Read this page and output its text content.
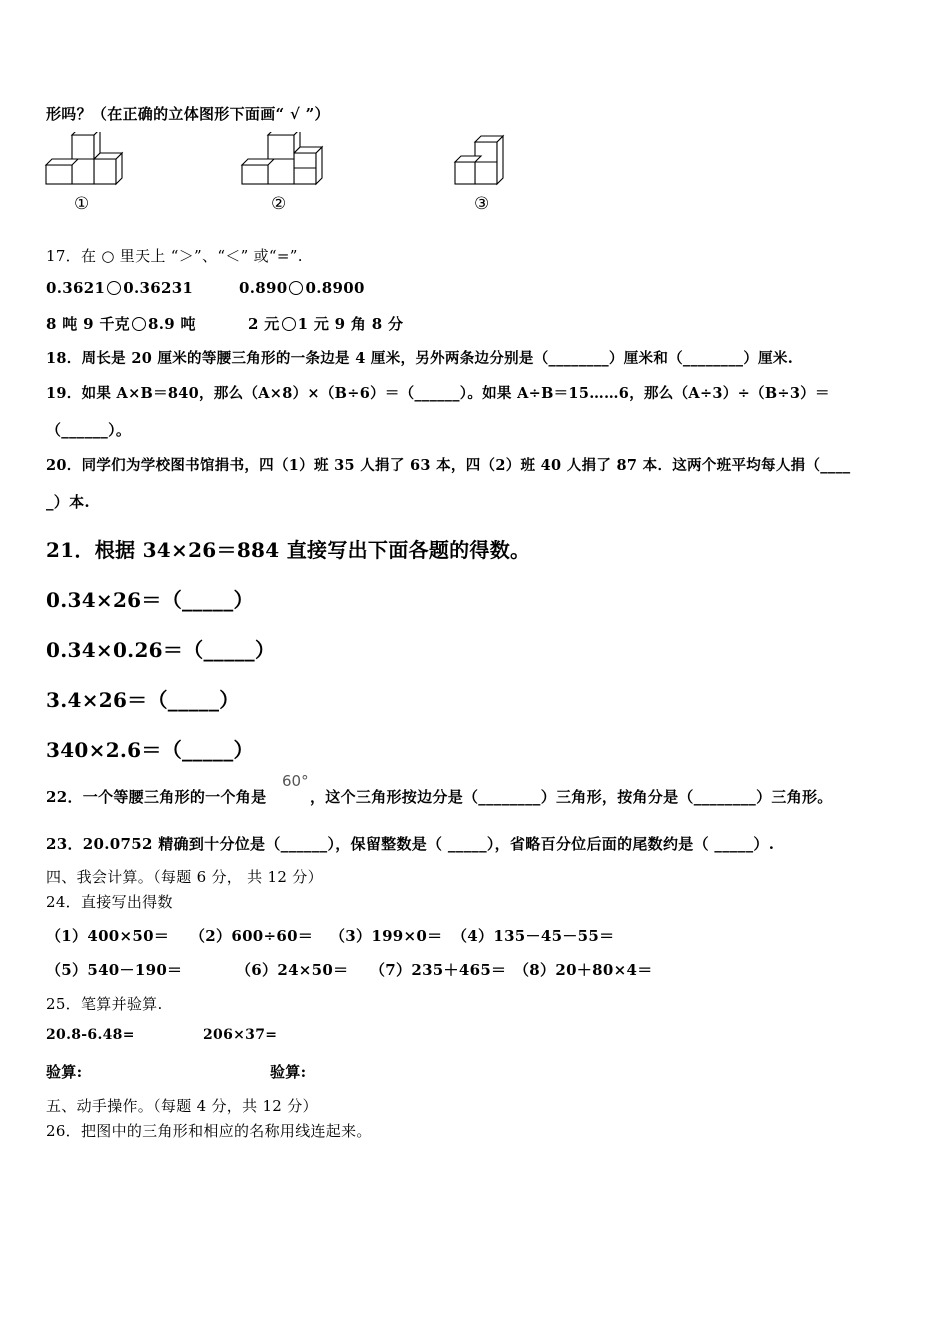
形吗？（在正确的立体图形下面画“ √ ”）
①	②	③
17．在 ○ 里天上 “＞”、“＜” 或“=”.
0.3621 0.36231	0.890 0.8900
8 吨 9 千克 8.9 吨	2 元 1 元 9 角 8 分
18．周长是 20 厘米的等腰三角形的一条边是 4 厘米，另外两条边分别是（________）厘米和（________）厘米.
19．如果 A×B＝840，那么（A×8）×（B÷6）＝（______）。如果 A÷B＝15……6，那么（A÷3）÷（B÷3）＝
（______）。
20．同学们为学校图书馆捐书，四（1）班 35 人捐了 63 本，四（2）班 40 人捐了 87 本．这两个班平均每人捐（____
_）本.
21．根据 34×26＝884 直接写出下面各题的得数。
0.34×26＝（_____）
0.34×0.26＝（_____）
3.4×26＝（_____）
340×2.6＝（_____）
22．一个等腰三角形的一个角是
60°
，这个三角形按边分是（________）三角形，按角分是（________）三角形。
23．20.0752 精确到十分位是（______），保留整数是（ _____），省略百分位后面的尾数约是（ _____）.
四、我会计算。（每题 6 分， 共 12 分）
24．直接写出得数
（1）400×50＝ （2）600÷60＝ （3）199×0＝ （4）135－45－55＝
（5）540－190＝	（6）24×50＝ （7）235＋465＝ （8）20＋80×4＝
25．笔算并验算.
20.8-6.48=	206×37=
验算:	验算:
五、动手操作。（每题 4 分，共 12 分）
26．把图中的三角形和相应的名称用线连起来。
